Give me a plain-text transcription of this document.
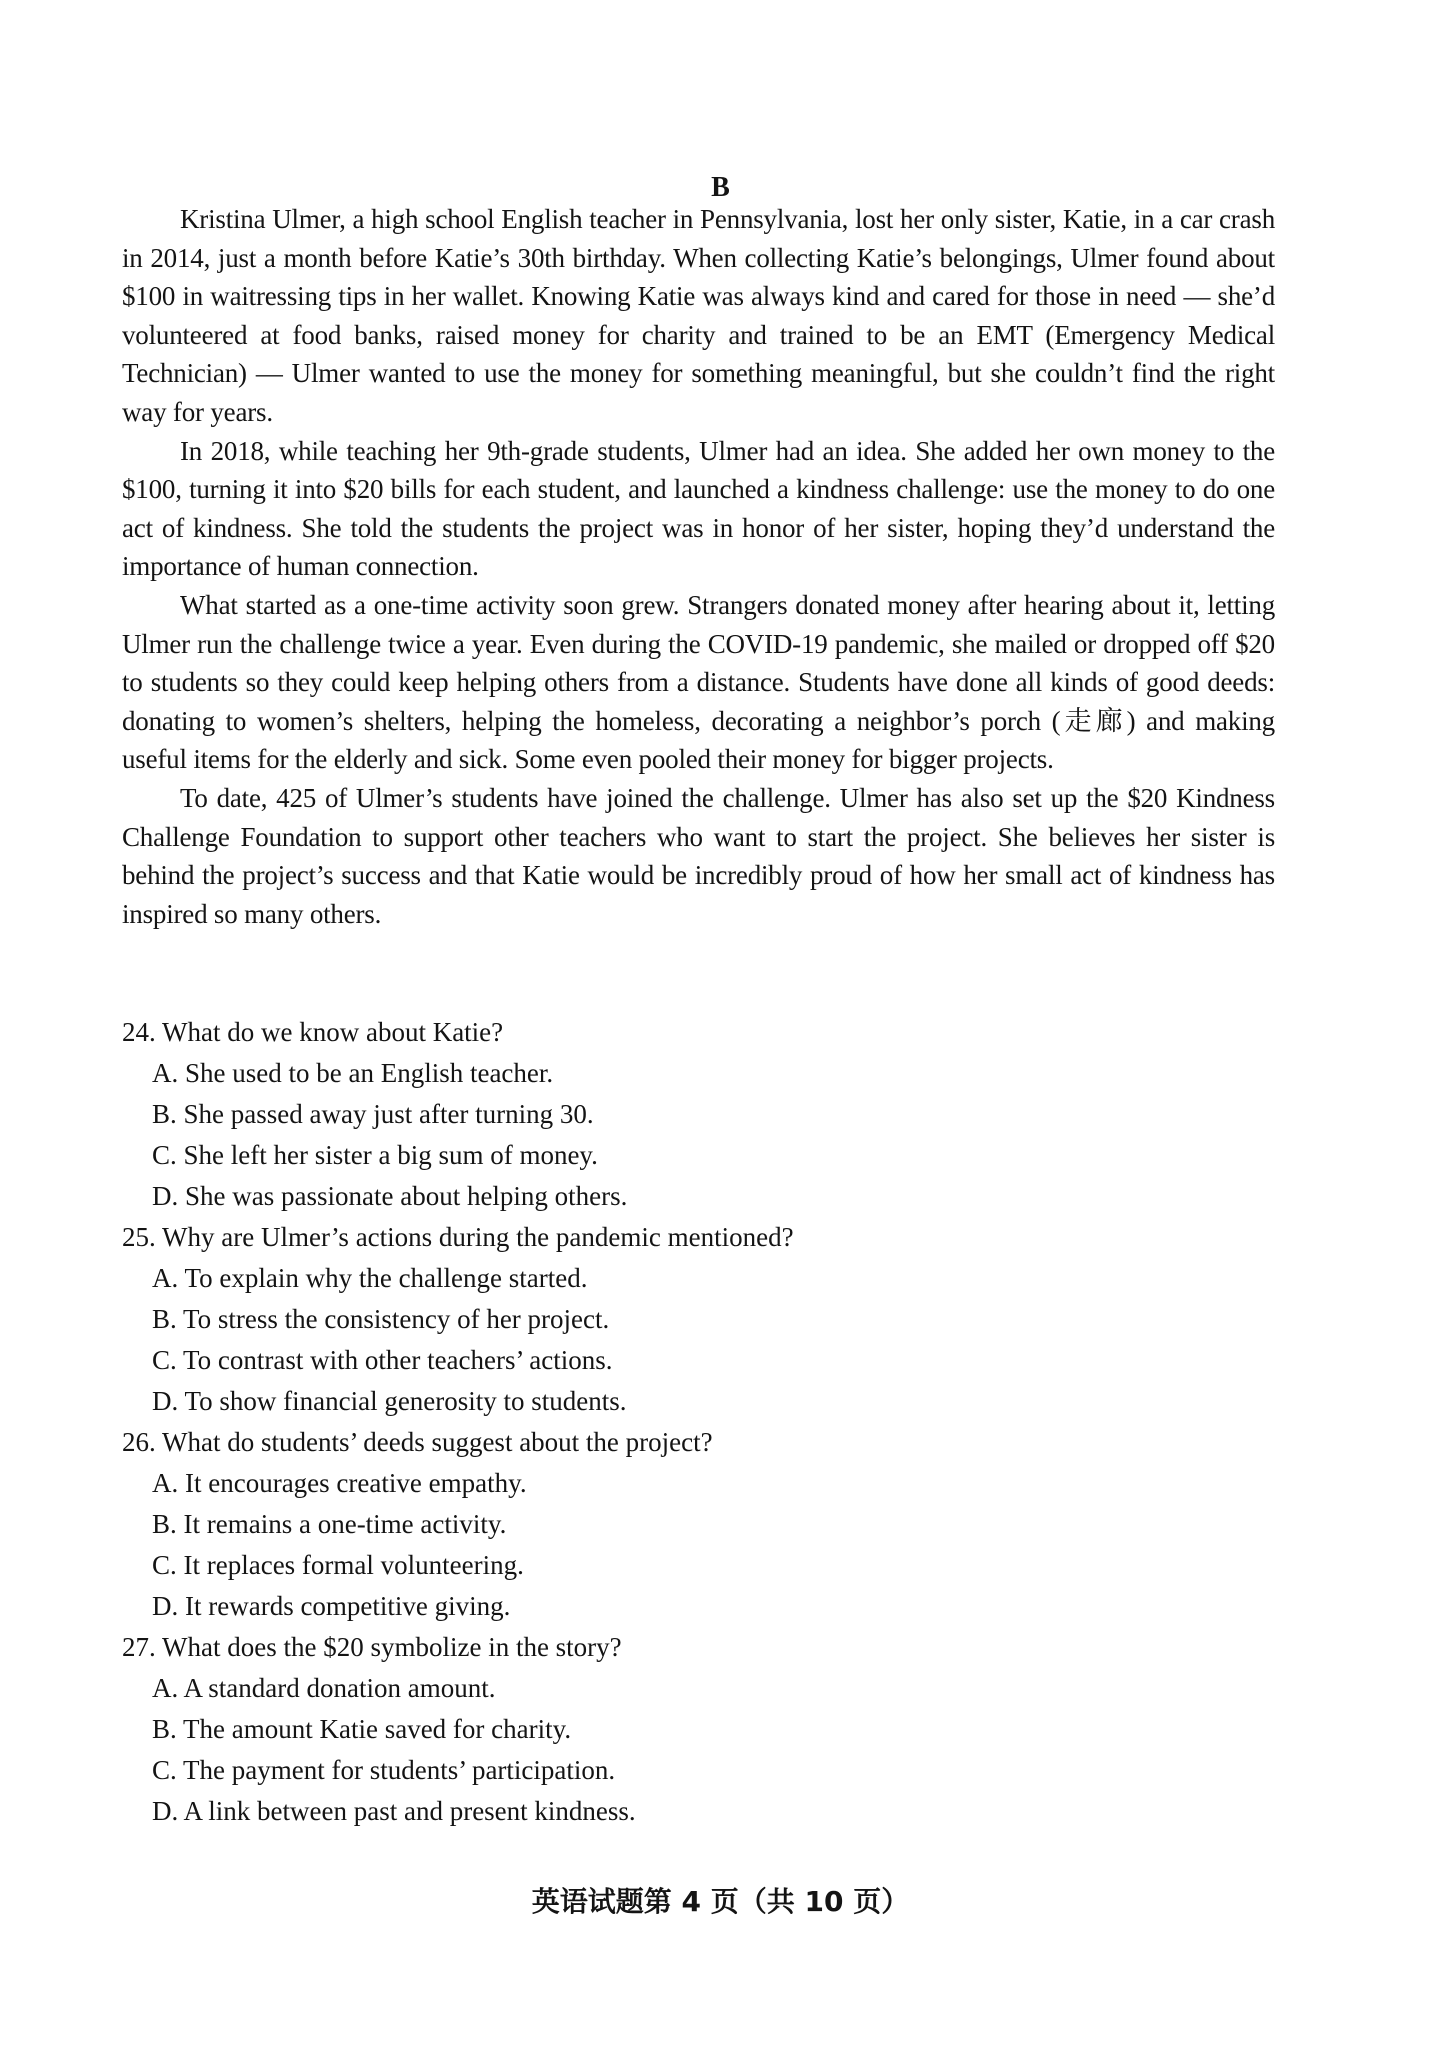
B

Kristina Ulmer, a high school English teacher in Pennsylvania, lost her only sister, Katie, in a car crash in 2014, just a month before Katie’s 30th birthday. When collecting Katie’s belongings, Ulmer found about $100 in waitressing tips in her wallet. Knowing Katie was always kind and cared for those in need — she’d volunteered at food banks, raised money for charity and trained to be an EMT (Emergency Medical Technician) — Ulmer wanted to use the money for something meaningful, but she couldn’t find the right way for years.

In 2018, while teaching her 9th-grade students, Ulmer had an idea. She added her own money to the $100, turning it into $20 bills for each student, and launched a kindness challenge: use the money to do one act of kindness. She told the students the project was in honor of her sister, hoping they’d understand the importance of human connection.

What started as a one-time activity soon grew. Strangers donated money after hearing about it, letting Ulmer run the challenge twice a year. Even during the COVID-19 pandemic, she mailed or dropped off $20 to students so they could keep helping others from a distance. Students have done all kinds of good deeds: donating to women’s shelters, helping the homeless, decorating a neighbor’s porch (走廊) and making useful items for the elderly and sick. Some even pooled their money for bigger projects.

To date, 425 of Ulmer’s students have joined the challenge. Ulmer has also set up the $20 Kindness Challenge Foundation to support other teachers who want to start the project. She believes her sister is behind the project’s success and that Katie would be incredibly proud of how her small act of kindness has inspired so many others.

24. What do we know about Katie?
A. She used to be an English teacher.
B. She passed away just after turning 30.
C. She left her sister a big sum of money.
D. She was passionate about helping others.
25. Why are Ulmer’s actions during the pandemic mentioned?
A. To explain why the challenge started.
B. To stress the consistency of her project.
C. To contrast with other teachers’ actions.
D. To show financial generosity to students.
26. What do students’ deeds suggest about the project?
A. It encourages creative empathy.
B. It remains a one-time activity.
C. It replaces formal volunteering.
D. It rewards competitive giving.
27. What does the $20 symbolize in the story?
A. A standard donation amount.
B. The amount Katie saved for charity.
C. The payment for students’ participation.
D. A link between past and present kindness.
英语试题第 4 页（共 10 页）
